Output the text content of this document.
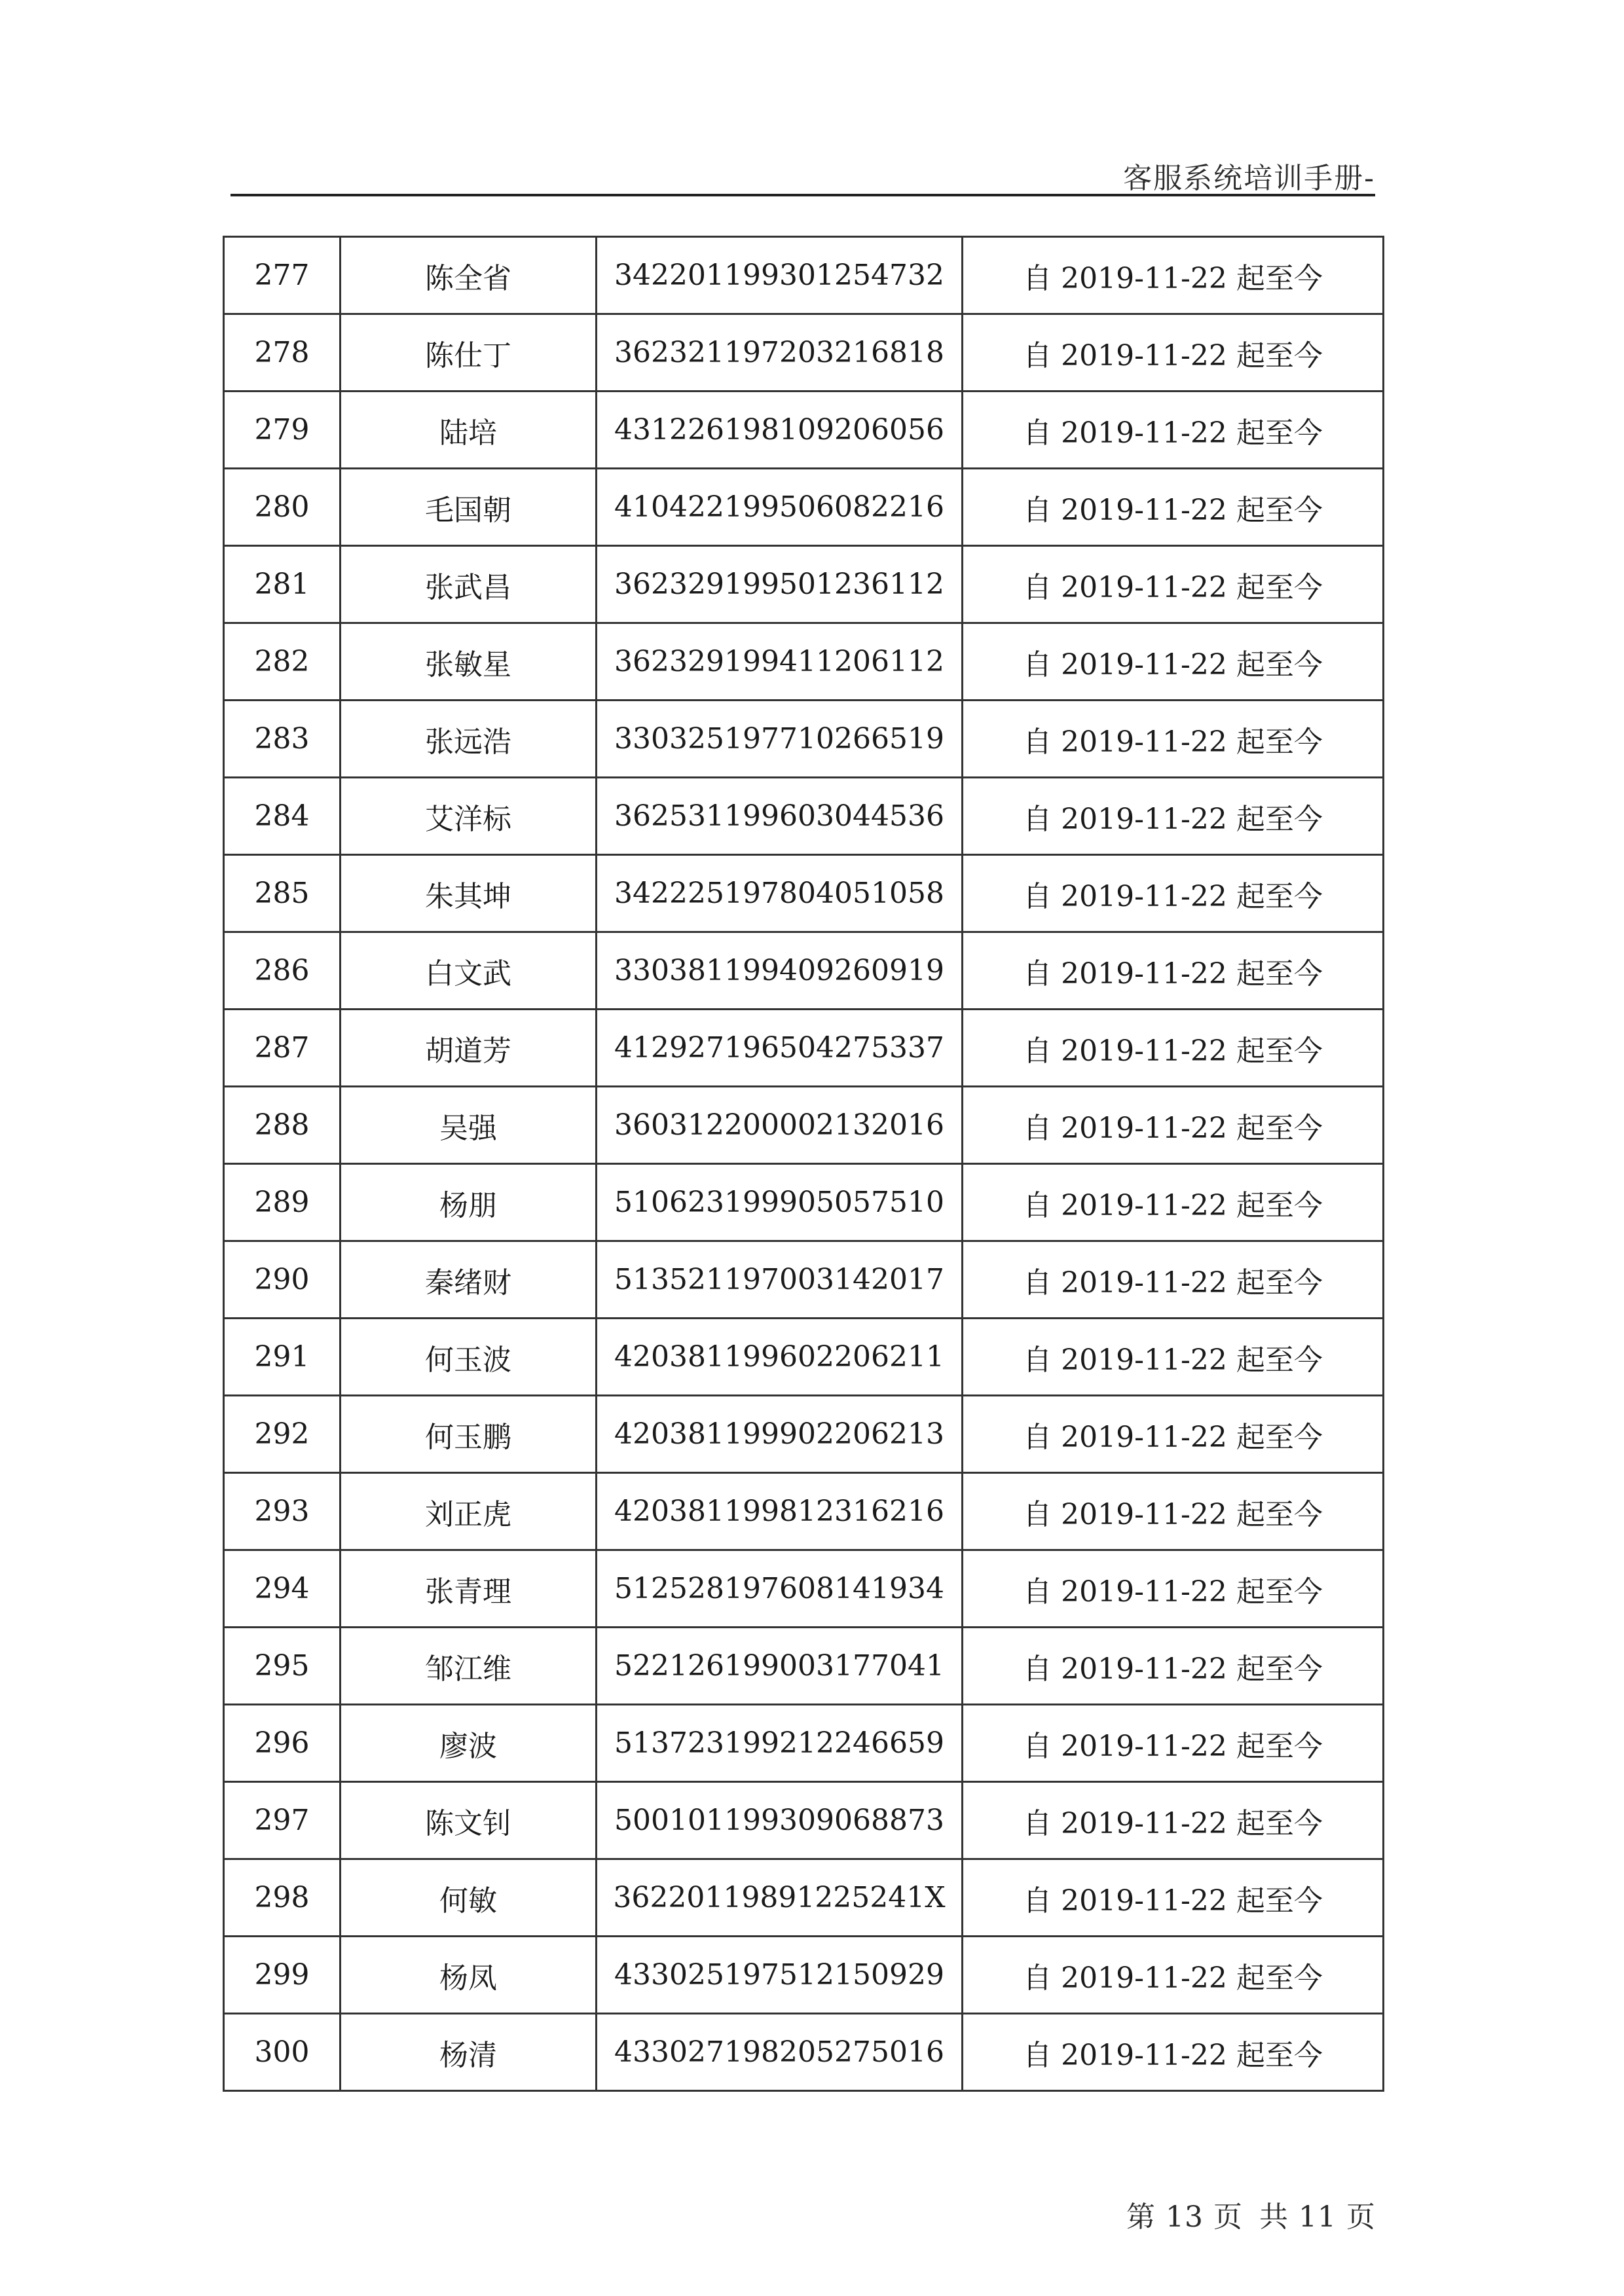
客服系统培训手册-
277	陈全省	342201199301254732	自 2019-11-22 起至今
278	陈仕丁	362321197203216818	自 2019-11-22 起至今
279	陆培	431226198109206056	自 2019-11-22 起至今
280	毛国朝	410422199506082216	自 2019-11-22 起至今
281	张武昌	362329199501236112	自 2019-11-22 起至今
282	张敏星	362329199411206112	自 2019-11-22 起至今
283	张远浩	330325197710266519	自 2019-11-22 起至今
284	艾洋标	362531199603044536	自 2019-11-22 起至今
285	朱其坤	342225197804051058	自 2019-11-22 起至今
286	白文武	330381199409260919	自 2019-11-22 起至今
287	胡道芳	412927196504275337	自 2019-11-22 起至今
288	吴强	360312200002132016	自 2019-11-22 起至今
289	杨朋	510623199905057510	自 2019-11-22 起至今
290	秦绪财	513521197003142017	自 2019-11-22 起至今
291	何玉波	420381199602206211	自 2019-11-22 起至今
292	何玉鹏	420381199902206213	自 2019-11-22 起至今
293	刘正虎	420381199812316216	自 2019-11-22 起至今
294	张青理	512528197608141934	自 2019-11-22 起至今
295	邹江维	522126199003177041	自 2019-11-22 起至今
296	廖波	513723199212246659	自 2019-11-22 起至今
297	陈文钊	500101199309068873	自 2019-11-22 起至今
298	何敏	36220119891225241X	自 2019-11-22 起至今
299	杨凤	433025197512150929	自 2019-11-22 起至今
300	杨清	433027198205275016	自 2019-11-22 起至今
第 13 页 共 11 页
